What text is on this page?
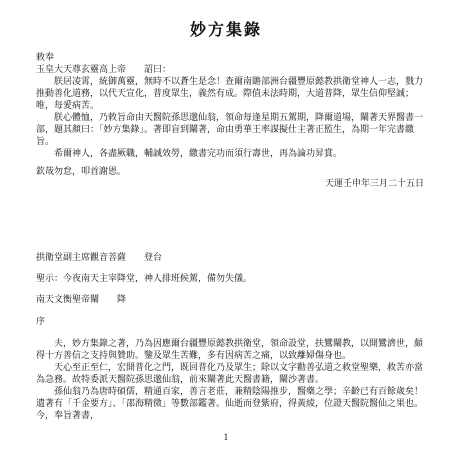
妙方集錄
敕奉
玉皇大天尊玄靈高上帝　　詔曰：
　　朕居凌霄，統御萬靈，無時不以蒼生是念！查爾南贍部洲台疆豐原懿教拱衛堂神人一志，戮力推動善化道務，以代天宣化，普度眾生，義然有成。際值未法時期，大道普降，眾生信仰堅誠；唯，每愛病苦。
　　朕心體恤，乃敕旨命由天醫院孫思邈仙翁，領命每逢星期五駕期，降爾道場，闡著天界醫書一部，題其顏曰：「妙方集錄」。著即盲到闡著，命由勇華王率謀擬仕主著正監生，為期一年完書繳旨。
　　希爾神人，各盡厥職，輔誠效勞，繳書完功而須行壽世，再為論功昇賞。
欽哉勿怠，叩首謝恩。
天運壬申年三月二十五日
拱衛堂副主席觀音菩薩　　登台
聖示：今夜南天主宰降堂，神人排班候駕，備勿失儀。
南天文衡聖帝闡　　降
序
　　夫，妙方集錄之著，乃為因應爾台疆豐原懿教拱衛堂，領命設堂，扶鸞闡教，以開鸞濟世，頗得十方善信之支持與贊助。鑒及眾生苦難，多有因病苦之痛，以致離婦傷身也。
　　天心至正至仁，宏開普化之門，既回普化乃及眾生；除以文字勸善弘道之救堂聖樂，救苦亦當為急務。故特委派天醫院孫思邈仙翁，前來闡著此天醫書籍，闡沙著書。
　　孫仙翁乃為唐時碩儒，精通百家，善言老莊，兼精陰陽推步，醫藥之學；辛齡已有百餘歲矣！遺著有「千金要方」、「邵海精微」等數部鑑著。仙逝而登紫府，得黃綾，位證天醫院醫仙之果也。今，奉旨著書，
1
